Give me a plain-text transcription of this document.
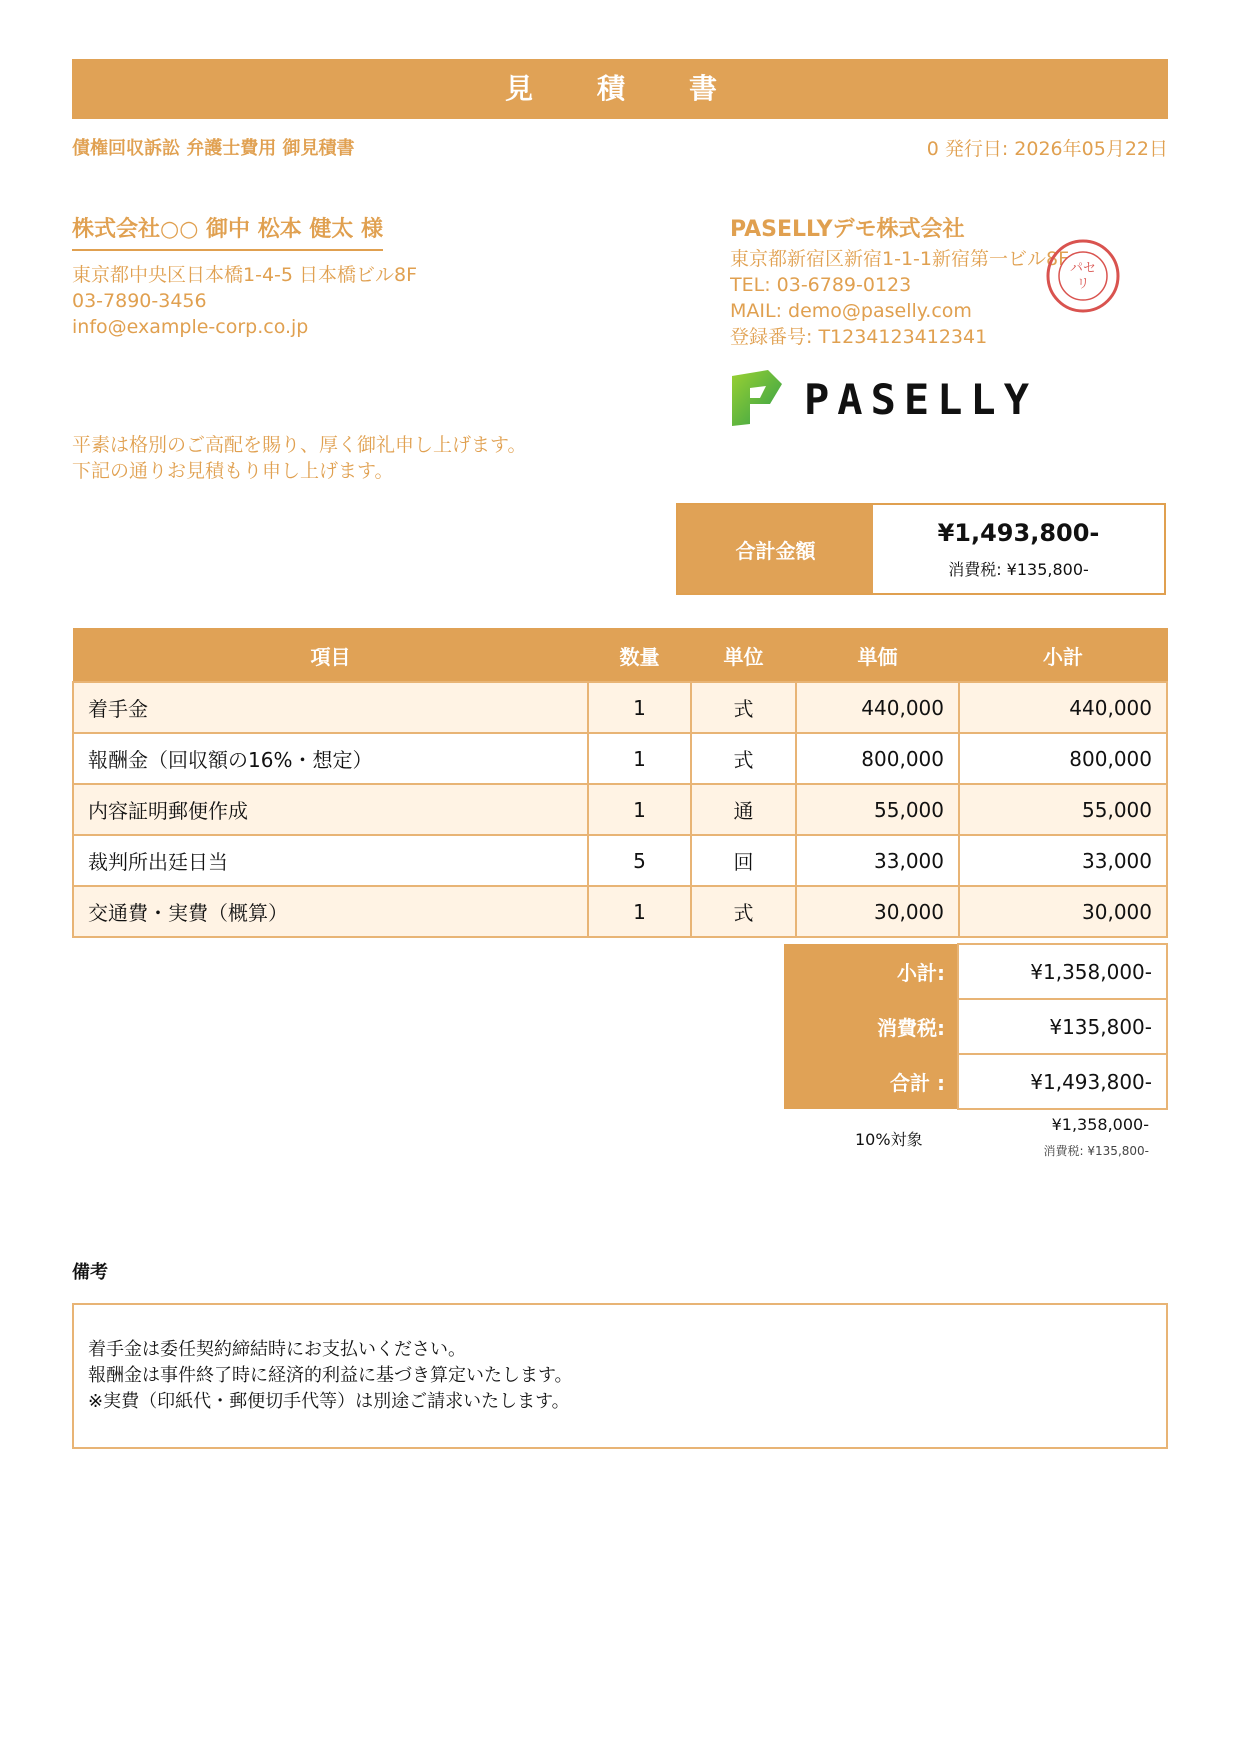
見　積　書
債権回収訴訟 弁護士費用 御見積書	0 発行日: 2026年05月22日
株式会社○○ 御中 松本 健太 様
東京都中央区日本橋1-4-5 日本橋ビル8F
03-7890-3456
info@example-corp.co.jp
PASELLYデモ株式会社
東京都新宿区新宿1-1-1新宿第一ビル8F
TEL: 03-6789-0123
MAIL: demo@paselly.com
登録番号: T1234123412341
パセ
リ
PASELLY
平素は格別のご高配を賜り、厚く御礼申し上げます。
下記の通りお見積もり申し上げます。
合計金額
¥1,493,800-
消費税: ¥135,800-
項目	数量	単位	単価	小計
着手金	1	式	440,000	440,000
報酬金（回収額の16%・想定）	1	式	800,000	800,000
内容証明郵便作成	1	通	55,000	55,000
裁判所出廷日当	5	回	33,000	33,000
交通費・実費（概算）	1	式	30,000	30,000
小計:	¥1,358,000-
消費税:	¥135,800-
合計 :	¥1,493,800-
10%対象
¥1,358,000-
消費税: ¥135,800-
備考
着手金は委任契約締結時にお支払いください。
報酬金は事件終了時に経済的利益に基づき算定いたします。
※実費（印紙代・郵便切手代等）は別途ご請求いたします。
